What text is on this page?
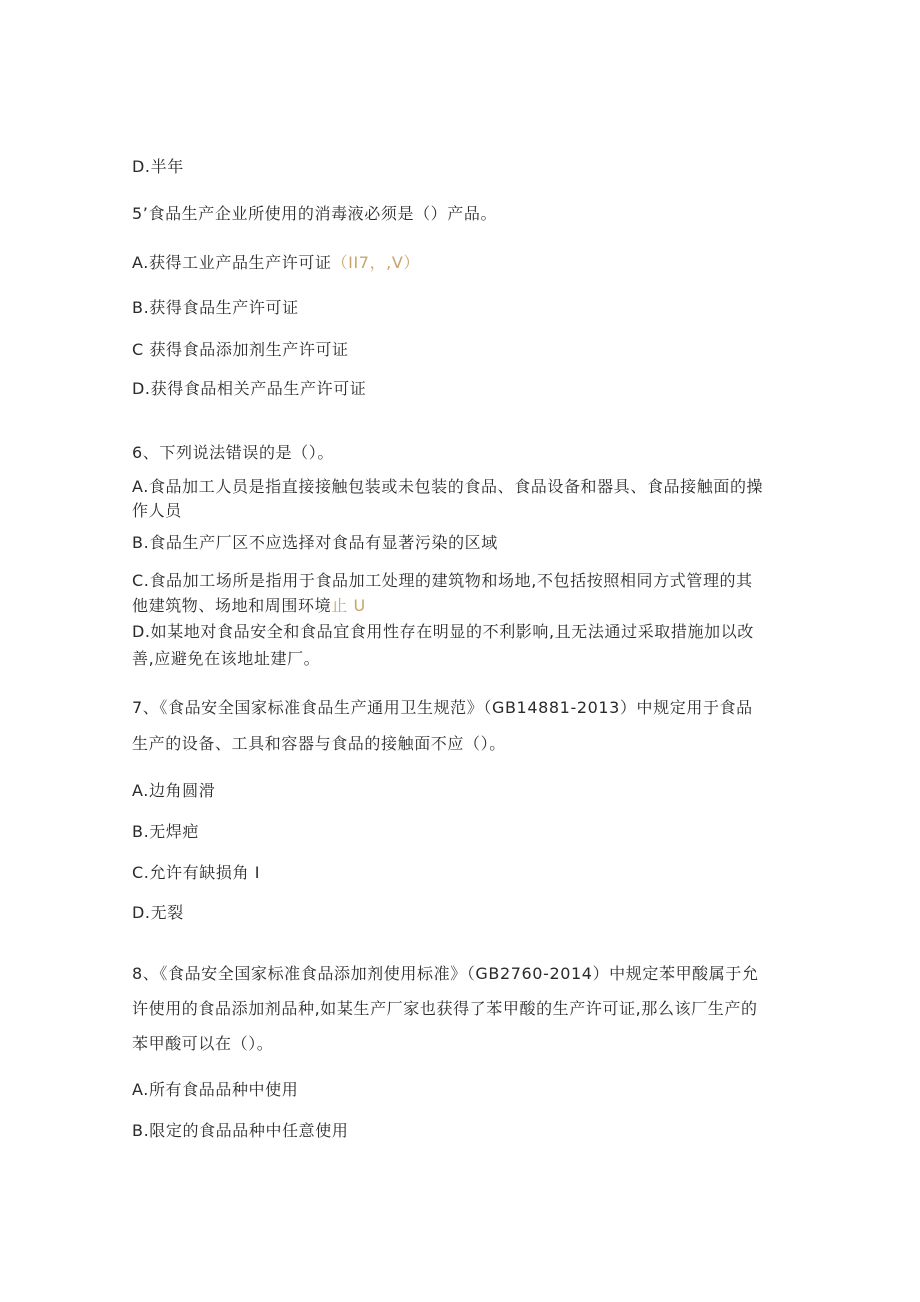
D.半年
5’食品生产企业所使用的消毒液必须是（）产品。
A.获得工业产品生产许可证（II7，,V）
B.获得食品生产许可证
C 获得食品添加剂生产许可证
D.获得食品相关产品生产许可证
6、下列说法错误的是（）。
A.食品加工人员是指直接接触包装或未包装的食品、食品设备和器具、食品接触面的操
作人员
B.食品生产厂区不应选择对食品有显著污染的区域
C.食品加工场所是指用于食品加工处理的建筑物和场地,不包括按照相同方式管理的其
他建筑物、场地和周围环境止 U
D.如某地对食品安全和食品宜食用性存在明显的不利影响,且无法通过采取措施加以改
善,应避免在该地址建厂。
7、《食品安全国家标准食品生产通用卫生规范》（GB14881-2013）中规定用于食品
生产的设备、工具和容器与食品的接触面不应（）。
A.边角圆滑
B.无焊疤
C.允许有缺损角 I
D.无裂
8、《食品安全国家标准食品添加剂使用标准》（GB2760-2014）中规定苯甲酸属于允
许使用的食品添加剂品种,如某生产厂家也获得了苯甲酸的生产许可证,那么该厂生产的
苯甲酸可以在（）。
A.所有食品品种中使用
B.限定的食品品种中任意使用
